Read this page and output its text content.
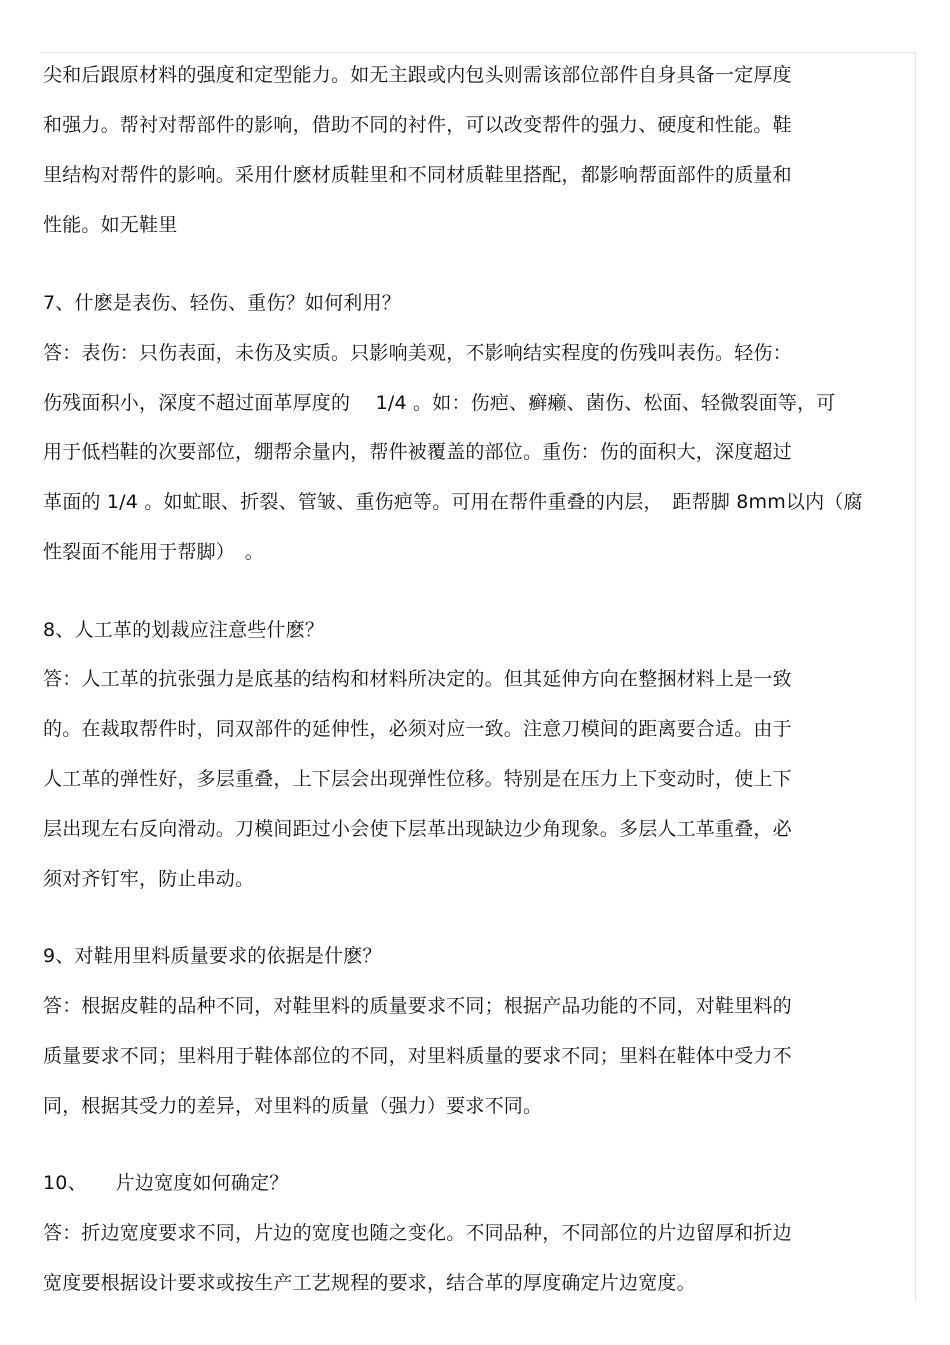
尖和后跟原材料的强度和定型能力。如无主跟或内包头则需该部位部件自身具备一定厚度
和强力。帮衬对帮部件的影响，借助不同的衬件，可以改变帮件的强力、硬度和性能。鞋
里结构对帮件的影响。采用什麽材质鞋里和不同材质鞋里搭配，都影响帮面部件的质量和
性能。如无鞋里
7、什麽是表伤、轻伤、重伤？如何利用？
答：表伤：只伤表面，未伤及实质。只影响美观，不影响结实程度的伤残叫表伤。轻伤：
伤残面积小，深度不超过面革厚度的　 1/4 。如：伤疤、癣癞、菌伤、松面、轻微裂面等，可
用于低档鞋的次要部位，绷帮余量内，帮件被覆盖的部位。重伤：伤的面积大，深度超过
革面的 1/4 。如虻眼、折裂、管皱、重伤疤等。可用在帮件重叠的内层，　距帮脚 8mm以内（腐
性裂面不能用于帮脚）　。
8、人工革的划裁应注意些什麽？
答：人工革的抗张强力是底基的结构和材料所决定的。但其延伸方向在整捆材料上是一致
的。在裁取帮件时，同双部件的延伸性，必须对应一致。注意刀模间的距离要合适。由于
人工革的弹性好，多层重叠，上下层会出现弹性位移。特别是在压力上下变动时，使上下
层出现左右反向滑动。刀模间距过小会使下层革出现缺边少角现象。多层人工革重叠，必
须对齐钉牢，防止串动。
9、对鞋用里料质量要求的依据是什麽？
答：根据皮鞋的品种不同，对鞋里料的质量要求不同；根据产品功能的不同，对鞋里料的
质量要求不同；里料用于鞋体部位的不同，对里料质量的要求不同；里料在鞋体中受力不
同，根据其受力的差异，对里料的质量（强力）要求不同。
10、　　片边宽度如何确定？
答：折边宽度要求不同，片边的宽度也随之变化。不同品种，不同部位的片边留厚和折边
宽度要根据设计要求或按生产工艺规程的要求，结合革的厚度确定片边宽度。
